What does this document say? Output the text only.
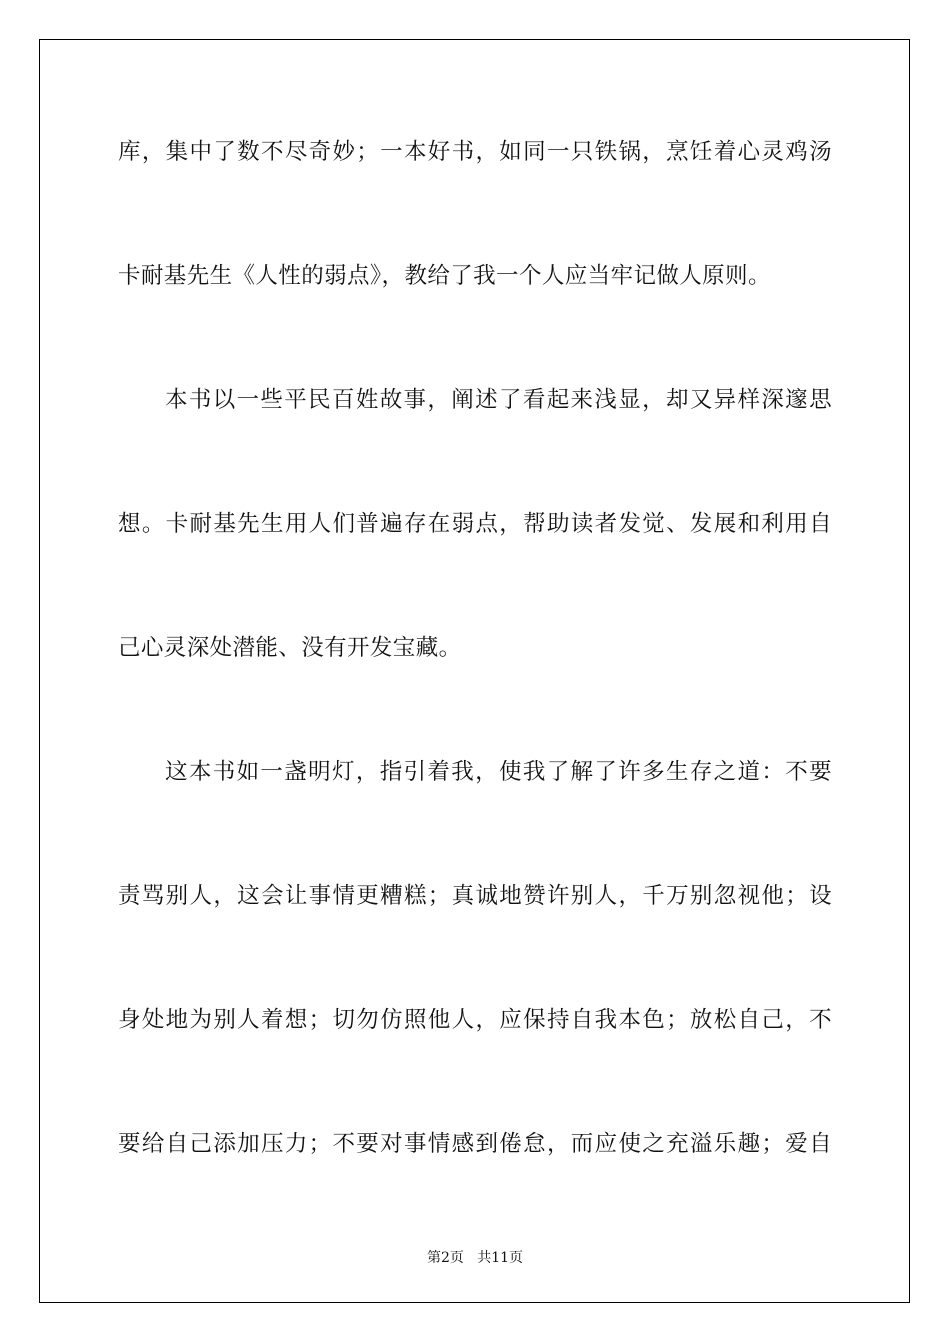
库，集中了数不尽奇妙；一本好书，如同一只铁锅，烹饪着心灵鸡汤
卡耐基先生《人性的弱点》，教给了我一个人应当牢记做人原则。
本书以一些平民百姓故事，阐述了看起来浅显，却又异样深邃思
想。卡耐基先生用人们普遍存在弱点，帮助读者发觉、发展和利用自
己心灵深处潜能、没有开发宝藏。
这本书如一盏明灯，指引着我，使我了解了许多生存之道：不要
责骂别人，这会让事情更糟糕；真诚地赞许别人，千万别忽视他；设
身处地为别人着想；切勿仿照他人，应保持自我本色；放松自己，不
要给自己添加压力；不要对事情感到倦怠，而应使之充溢乐趣；爱自
第2页   共11页
